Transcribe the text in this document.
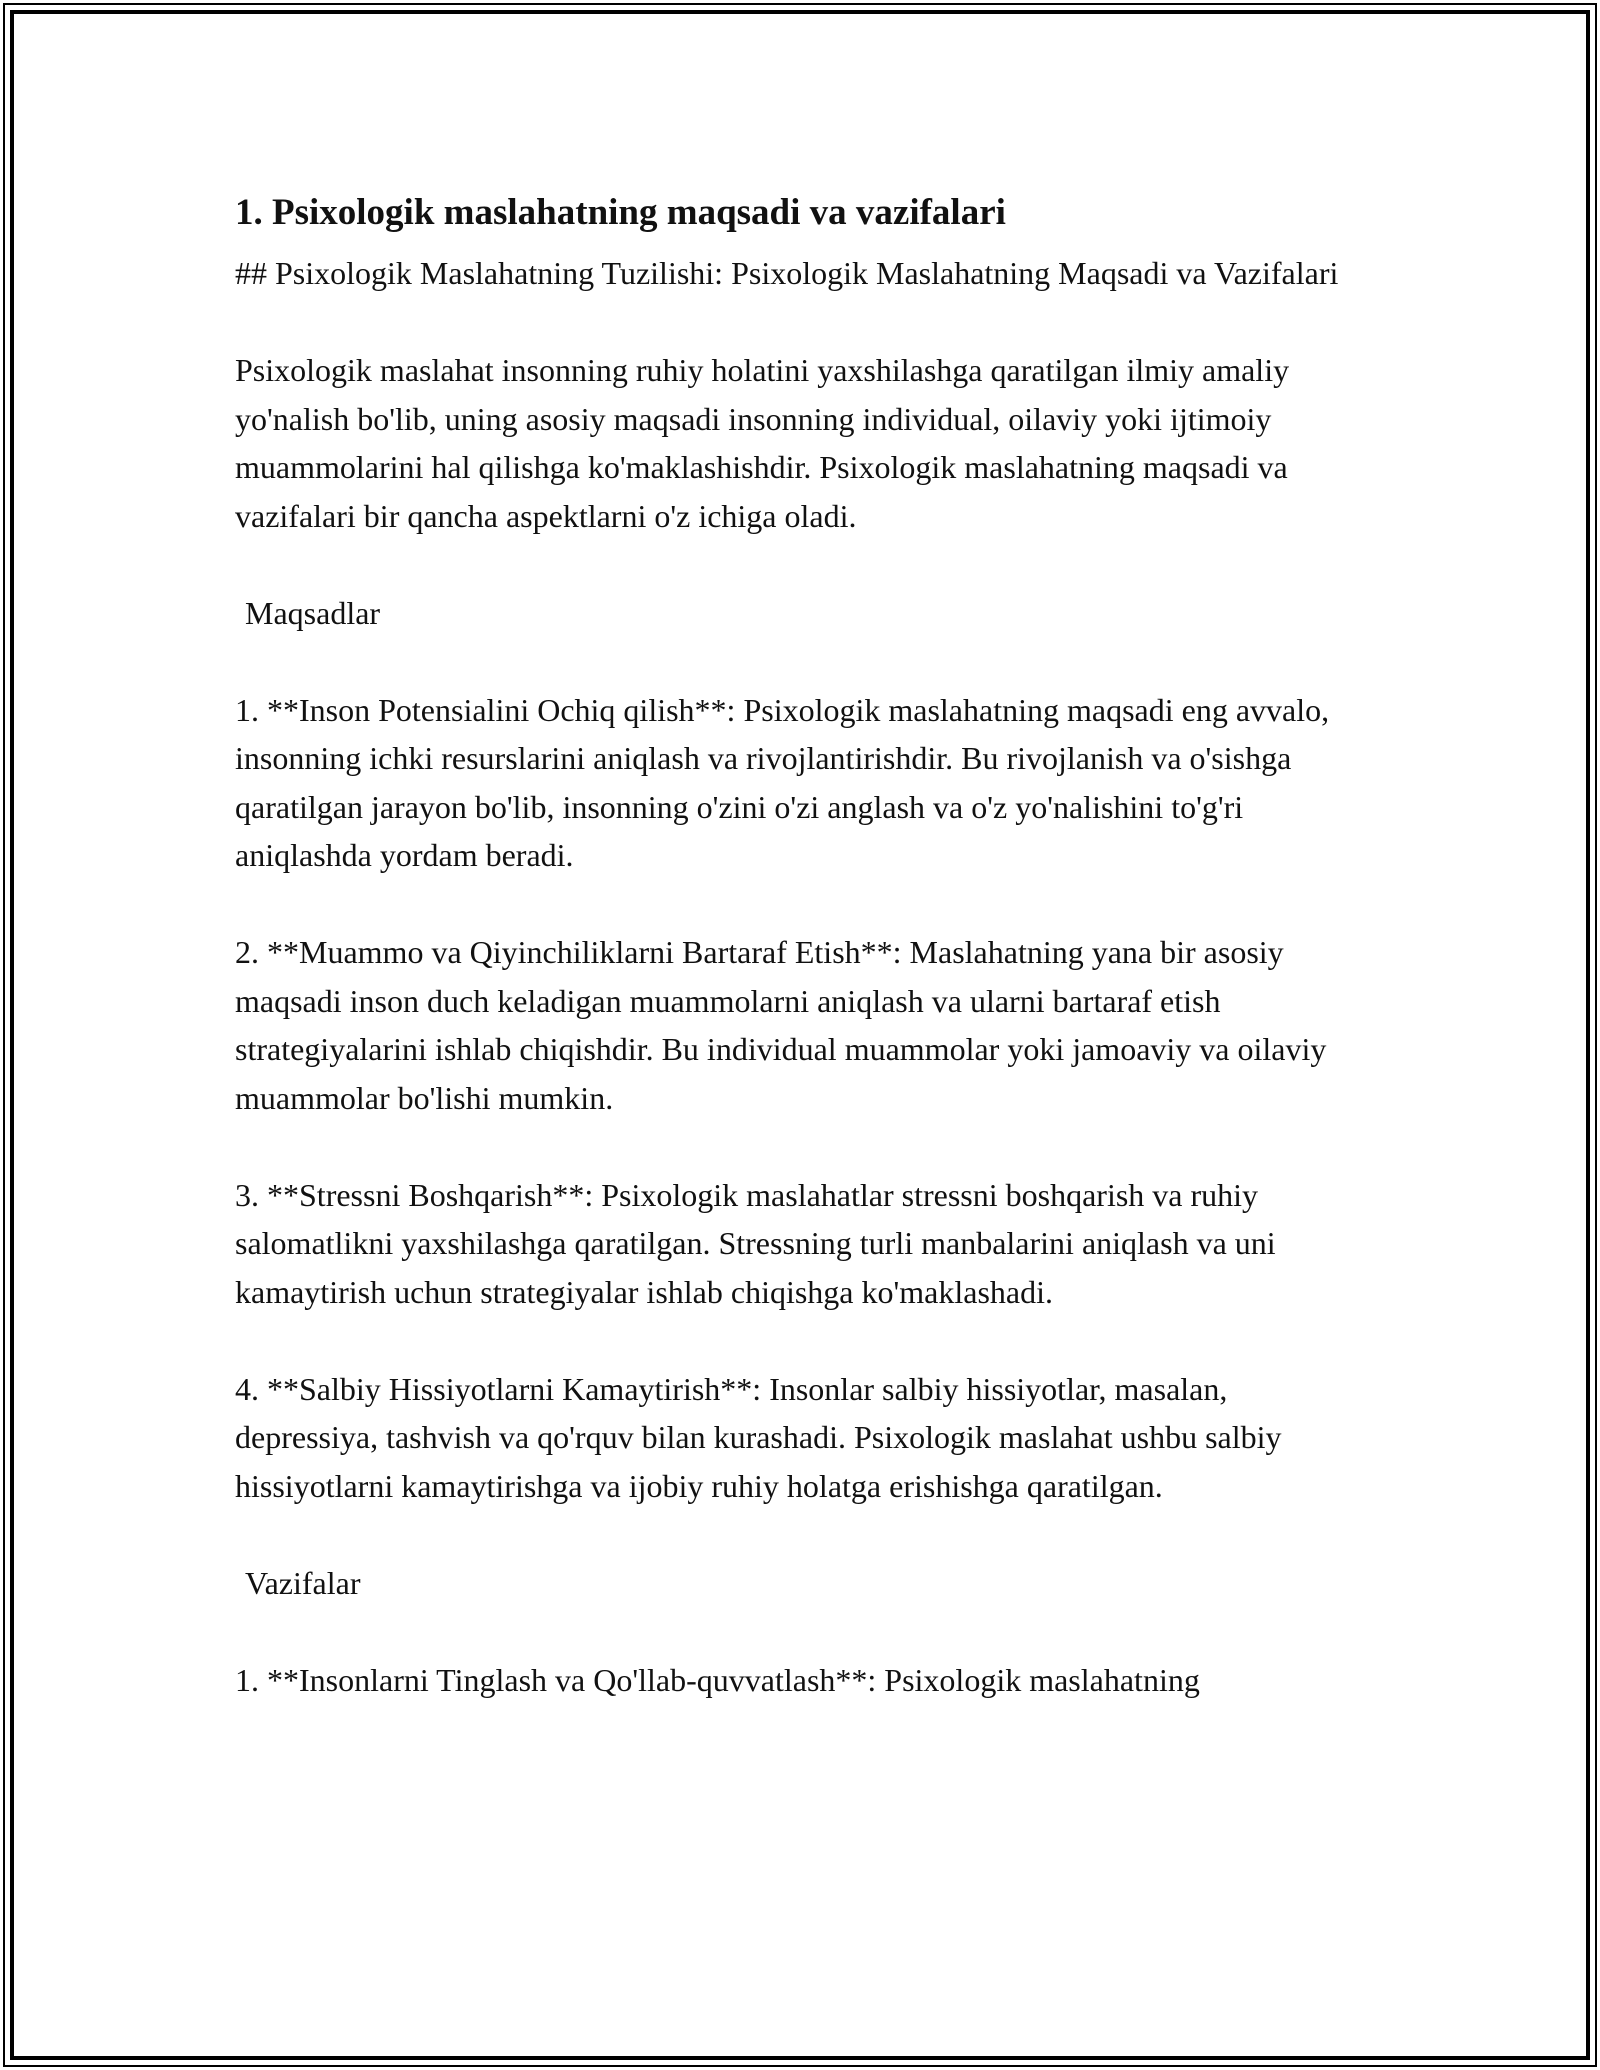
1. Psixologik maslahatning maqsadi va vazifalari

## Psixologik Maslahatning Tuzilishi: Psixologik Maslahatning Maqsadi va Vazifalari

Psixologik maslahat insonning ruhiy holatini yaxshilashga qaratilgan ilmiy amaliy yo'nalish bo'lib, uning asosiy maqsadi insonning individual, oilaviy yoki ijtimoiy muammolarini hal qilishga ko'maklashishdir. Psixologik maslahatning maqsadi va vazifalari bir qancha aspektlarni o'z ichiga oladi.

Maqsadlar

1. **Inson Potensialini Ochiq qilish**: Psixologik maslahatning maqsadi eng avvalo, insonning ichki resurslarini aniqlash va rivojlantirishdir. Bu rivojlanish va o'sishga qaratilgan jarayon bo'lib, insonning o'zini o'zi anglash va o'z yo'nalishini to'g'ri aniqlashda yordam beradi.

2. **Muammo va Qiyinchiliklarni Bartaraf Etish**: Maslahatning yana bir asosiy maqsadi inson duch keladigan muammolarni aniqlash va ularni bartaraf etish strategiyalarini ishlab chiqishdir. Bu individual muammolar yoki jamoaviy va oilaviy muammolar bo'lishi mumkin.

3. **Stressni Boshqarish**: Psixologik maslahatlar stressni boshqarish va ruhiy salomatlikni yaxshilashga qaratilgan. Stressning turli manbalarini aniqlash va uni kamaytirish uchun strategiyalar ishlab chiqishga ko'maklashadi.

4. **Salbiy Hissiyotlarni Kamaytirish**: Insonlar salbiy hissiyotlar, masalan, depressiya, tashvish va qo'rquv bilan kurashadi. Psixologik maslahat ushbu salbiy hissiyotlarni kamaytirishga va ijobiy ruhiy holatga erishishga qaratilgan.

Vazifalar

1. **Insonlarni Tinglash va Qo'llab-quvvatlash**: Psixologik maslahatning
